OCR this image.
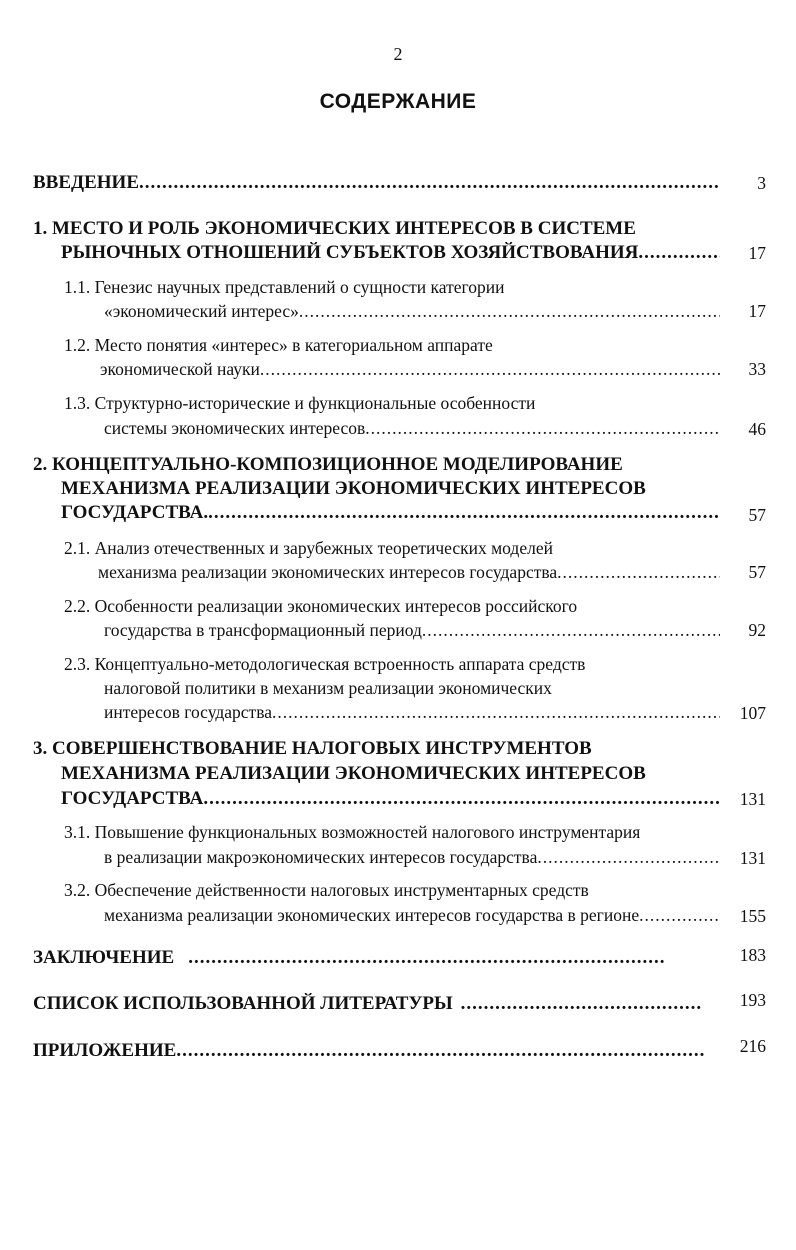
2
СОДЕРЖАНИЕ
ВВЕДЕНИЕ .....	3
1. МЕСТО И РОЛЬ ЭКОНОМИЧЕСКИХ ИНТЕРЕСОВ В СИСТЕМЕ
РЫНОЧНЫХ ОТНОШЕНИЙ СУБЪЕКТОВ ХОЗЯЙСТВОВАНИЯ .....	17
1.1. Генезис научных представлений о сущности категории
«экономический интерес» .....	17
1.2. Место понятия «интерес» в категориальном аппарате
экономической науки .....	33
1.3. Структурно-исторические и функциональные особенности
системы экономических интересов .....	46
2. КОНЦЕПТУАЛЬНО-КОМПОЗИЦИОННОЕ МОДЕЛИРОВАНИЕ
МЕХАНИЗМА РЕАЛИЗАЦИИ ЭКОНОМИЧЕСКИХ ИНТЕРЕСОВ
ГОСУДАРСТВА. .....	57
2.1. Анализ отечественных и зарубежных теоретических моделей
механизма реализации экономических интересов государства .....	57
2.2. Особенности реализации экономических интересов российского
государства в трансформационный период .....	92
2.3. Концептуально-методологическая встроенность аппарата средств
налоговой политики в механизм реализации экономических
интересов государства .....	107
3. СОВЕРШЕНСТВОВАНИЕ НАЛОГОВЫХ ИНСТРУМЕНТОВ
МЕХАНИЗМА РЕАЛИЗАЦИИ ЭКОНОМИЧЕСКИХ ИНТЕРЕСОВ
ГОСУДАРСТВА .....	131
3.1. Повышение функциональных возможностей налогового инструментария
в реализации макроэкономических интересов государства .....	131
3.2. Обеспечение действенности налоговых инструментарных средств
механизма реализации экономических интересов государства в регионе .....	155
ЗАКЛЮЧЕНИЕ .....	183
СПИСОК ИСПОЛЬЗОВАННОЙ ЛИТЕРАТУРЫ .....	193
ПРИЛОЖЕНИЕ .....	216
